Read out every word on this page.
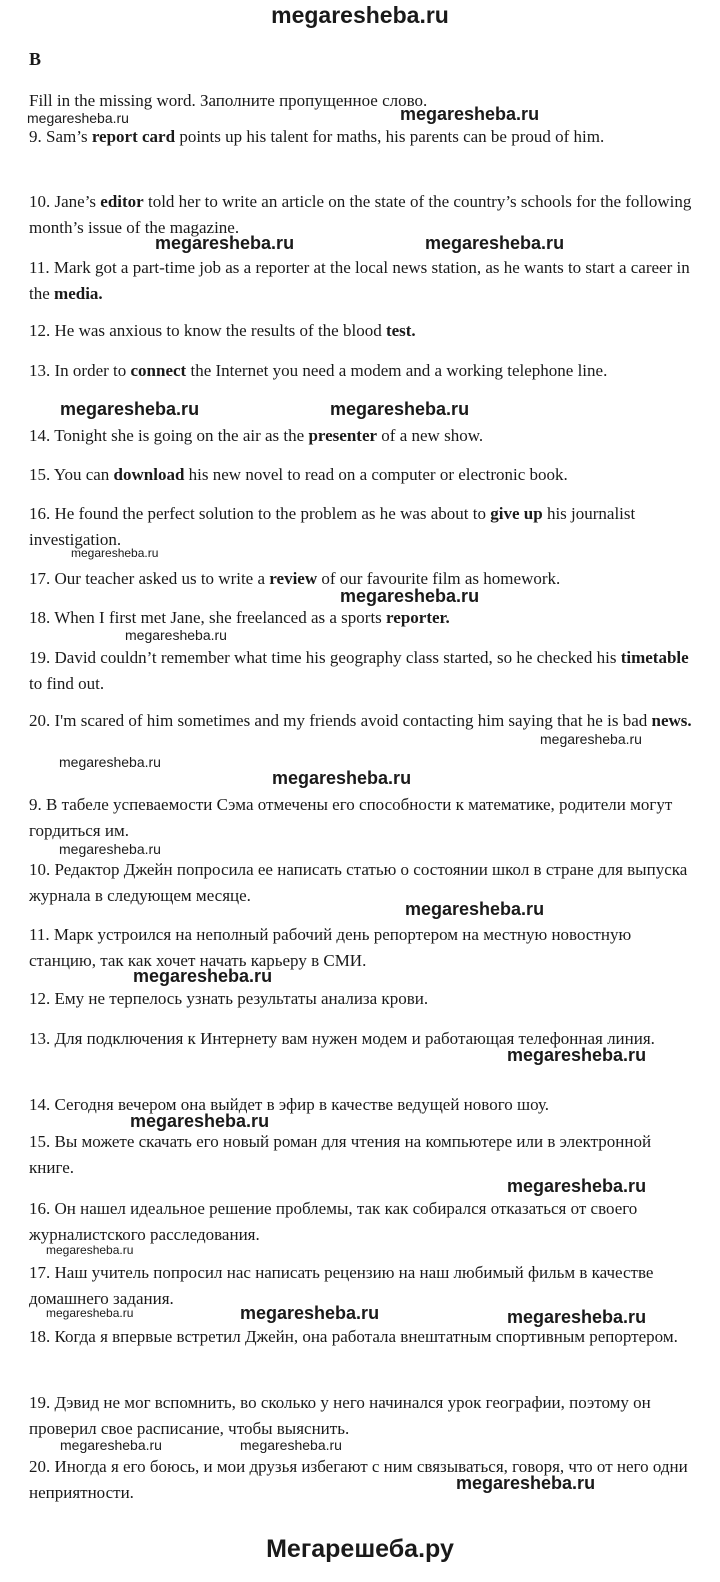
megaresheba.ru
B
Fill in the missing word. Заполните пропущенное слово.

9. Sam’s report card points up his talent for maths, his parents can be proud of him.

10. Jane’s editor told her to write an article on the state of the country’s schools for the following month’s issue of the magazine.

11. Mark got a part-time job as a reporter at the local news station, as he wants to start a career in the media.

12. He was anxious to know the results of the blood test.

13. In order to connect the Internet you need a modem and a working telephone line.

14. Tonight she is going on the air as the presenter of a new show.

15. You can download his new novel to read on a computer or electronic book.

16. He found the perfect solution to the problem as he was about to give up his journalist investigation.

17. Our teacher asked us to write a review of our favourite film as homework.

18. When I first met Jane, she freelanced as a sports reporter.

19. David couldn’t remember what time his geography class started, so he checked his timetable to find out.

20. I'm scared of him sometimes and my friends avoid contacting him saying that he is bad news.

9. В табеле успеваемости Сэма отмечены его способности к математике, родители могут гордиться им.

10. Редактор Джейн попросила ее написать статью о состоянии школ в стране для выпуска журнала в следующем месяце.

11. Марк устроился на неполный рабочий день репортером на местную новостную станцию, так как хочет начать карьеру в СМИ.

12. Ему не терпелось узнать результаты анализа крови.

13. Для подключения к Интернету вам нужен модем и работающая телефонная линия.

14. Сегодня вечером она выйдет в эфир в качестве ведущей нового шоу.

15. Вы можете скачать его новый роман для чтения на компьютере или в электронной книге.

16. Он нашел идеальное решение проблемы, так как собирался отказаться от своего журналистского расследования.

17. Наш учитель попросил нас написать рецензию на наш любимый фильм в качестве домашнего задания.

18. Когда я впервые встретил Джейн, она работала внештатным спортивным репортером.

19. Дэвид не мог вспомнить, во сколько у него начинался урок географии, поэтому он проверил свое расписание, чтобы выяснить.

20. Иногда я его боюсь, и мои друзья избегают с ним связываться, говоря, что от него одни неприятности.

megaresheba.ru	megaresheba.ru
megaresheba.ru	megaresheba.ru
megaresheba.ru	megaresheba.ru
megaresheba.ru
megaresheba.ru
megaresheba.ru
megaresheba.ru
megaresheba.ru
megaresheba.ru
megaresheba.ru
megaresheba.ru
megaresheba.ru
megaresheba.ru
megaresheba.ru
megaresheba.ru
megaresheba.ru
megaresheba.ru	megaresheba.ru	megaresheba.ru
megaresheba.ru	megaresheba.ru
megaresheba.ru
Мегарешеба.ру
